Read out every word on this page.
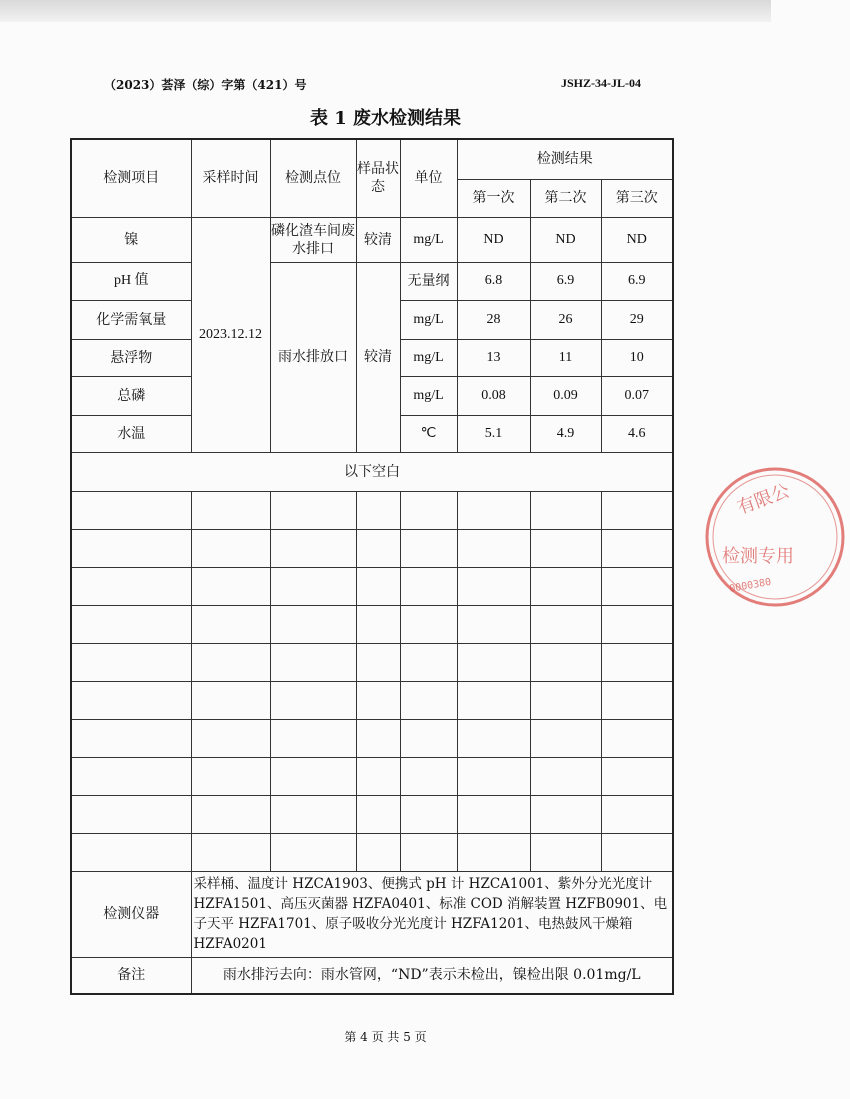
（2023）荟泽（综）字第（421）号	JSHZ-34-JL-04
表 1 废水检测结果
检测项目	采样时间	检测点位	样品状态	单位	检测结果		
					第一次	第二次	第三次
镍	2023.12.12	磷化渣车间废水排口	较清	mg/L	ND	ND	ND
pH 值		雨水排放口	较清	无量纲	6.8	6.9	6.9
化学需氧量				mg/L	28	26	29
悬浮物				mg/L	13	11	10
总磷				mg/L	0.08	0.09	0.07
水温				℃	5.1	4.9	4.6
以下空白							

检测仪器	采样桶、温度计 HZCA1903、便携式 pH 计 HZCA1001、紫外分光光度计 HZFA1501、高压灭菌器 HZFA0401、标准 COD 消解装置 HZFB0901、电子天平 HZFA1701、原子吸收分光光度计 HZFA1201、电热鼓风干燥箱 HZFA0201						
备注	雨水排污去向：雨水管网，“ND”表示未检出，镍检出限 0.01mg/L						
第 4 页 共 5 页
有限公
检测专用
0000380
